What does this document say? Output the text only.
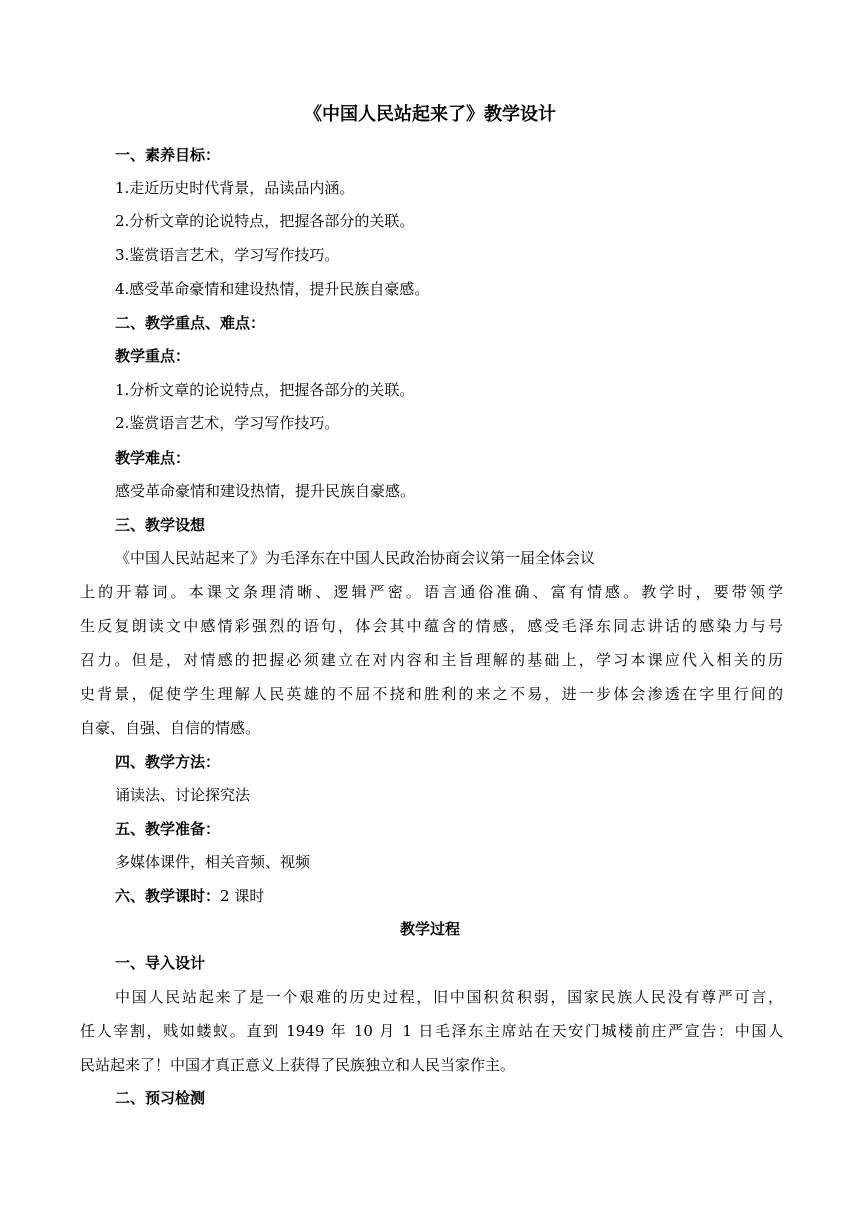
《中国人民站起来了》教学设计
一、素养目标：
1.走近历史时代背景，品读品内涵。
2.分析文章的论说特点，把握各部分的关联。
3.鉴赏语言艺术，学习写作技巧。
4.感受革命豪情和建设热情，提升民族自豪感。
二、教学重点、难点：
教学重点：
1.分析文章的论说特点，把握各部分的关联。
2.鉴赏语言艺术，学习写作技巧。
教学难点：
感受革命豪情和建设热情，提升民族自豪感。
三、教学设想
《中国人民站起来了》为毛泽东在中国人民政治协商会议第一届全体会议
上的开幕词。本课文条理清晰、逻辑严密。语言通俗准确、富有情感。教学时，要带领学
生反复朗读文中感情彩强烈的语句，体会其中蕴含的情感，感受毛泽东同志讲话的感染力与号
召力。但是，对情感的把握必须建立在对内容和主旨理解的基础上，学习本课应代入相关的历
史背景，促使学生理解人民英雄的不屈不挠和胜利的来之不易，进一步体会渗透在字里行间的
自豪、自强、自信的情感。
四、教学方法：
诵读法、讨论探究法
五、教学准备：
多媒体课件，相关音频、视频
六、教学课时：2 课时
教学过程
一、导入设计
中国人民站起来了是一个艰难的历史过程，旧中国积贫积弱，国家民族人民没有尊严可言，
任人宰割，贱如蝼蚁。直到 1949 年 10 月 1 日毛泽东主席站在天安门城楼前庄严宣告：中国人
民站起来了！中国才真正意义上获得了民族独立和人民当家作主。
二、预习检测
